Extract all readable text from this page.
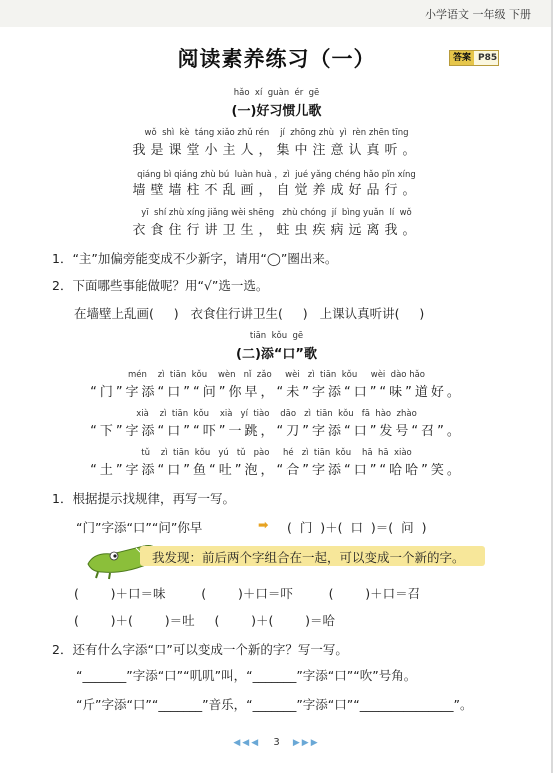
小学语文 一年级 下册
阅读素养练习（一）	答案 P85
hǎo  xí  guàn  ér  gē
(一)好习惯儿歌
wǒ  shì  kè  táng xiǎo zhǔ rén    jí  zhōng zhù  yì  rèn zhēn tīng
我是课堂小主人，集中注意认真听。
qiáng bì qiáng zhù bú  luàn huà ，zì  jué yǎng chéng hǎo pǐn xíng
墙壁墙柱不乱画，自觉养成好品行。
yī  shí zhù xíng jiǎng wèi shēng   zhù chóng  jí  bìng yuǎn  lí  wǒ
衣食住行讲卫生，蛀虫疾病远离我。
1．“主”加偏旁能变成不少新字，请用“◯”圈出来。
2．下面哪些事能做呢？用“√”选一选。
在墙壁上乱画(     )   衣食住行讲卫生(     )   上课认真听讲(     )
tiān  kǒu  gē
(二)添“口”歌
mén    zì  tiān  kǒu    wèn   nǐ  zǎo     wèi   zì  tiān  kǒu     wèi  dào hǎo
“门”字添“口”“问”你早，“未”字添“口”“味”道好。
xià    zì  tiān  kǒu    xià   yí  tiào    dāo   zì  tiān  kǒu   fā  hào  zhào
“下”字添“口”“吓”一跳，“刀”字添“口”发号“召”。
tǔ    zì  tiān  kǒu   yú   tǔ   pào     hé   zì  tiān  kǒu    hā  hā  xiào
“土”字添“口”鱼“吐”泡，“合”字添“口”“哈哈”笑。
1．根据提示找规律，再写一写。
“门”字添“口”“问”你早	➡ (  门  )＋(  口  )＝(  问  )
我发现：前后两个字组合在一起，可以变成一个新的字。
(        )＋口＝味         (        )＋口＝吓         (        )＋口＝召
(        )＋(        )＝吐     (        )＋(        )＝哈
2．还有什么字添“口”可以变成一个新的字？写一写。
“_______”字添“口”“叽叽”叫，“_______”字添“口”“吹”号角。
“斤”字添“口”“_______”音乐，“_______”字添“口”“_______________”。
◀◀◀ 3 ▶▶▶
